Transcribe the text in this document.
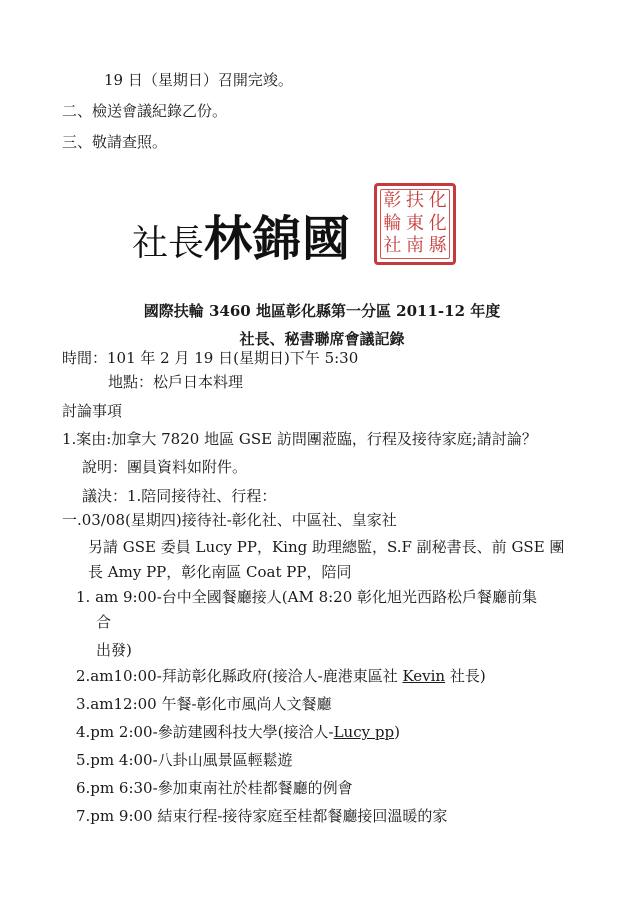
19 日（星期日）召開完竣。
二、檢送會議紀錄乙份。
三、敬請查照。
社長林錦國
彰 扶 化
輪 東 化
社 南 縣
國際扶輪 3460 地區彰化縣第一分區 2011-12 年度
社長、秘書聯席會議記錄
時間：101 年 2 月 19 日(星期日)下午 5:30
地點：松戶日本料理
討論事項
1.案由:加拿大 7820 地區 GSE 訪問團蒞臨，行程及接待家庭;請討論？
說明：團員資料如附件。
議決：1.陪同接待社、行程：
一.03/08(星期四)接待社-彰化社、中區社、皇家社
另請 GSE 委員 Lucy PP，King 助理總監，S.F 副秘書長、前 GSE 團
長 Amy PP，彰化南區 Coat PP，陪同
1. am 9:00-台中全國餐廳接人(AM 8:20 彰化旭光西路松戶餐廳前集
合
出發)
2.am10:00-拜訪彰化縣政府(接洽人-鹿港東區社 Kevin 社長)
3.am12:00 午餐-彰化市風尚人文餐廳
4.pm 2:00-參訪建國科技大學(接洽人-Lucy pp)
5.pm 4:00-八卦山風景區輕鬆遊
6.pm 6:30-參加東南社於桂都餐廳的例會
7.pm 9:00 結束行程-接待家庭至桂都餐廳接回溫暖的家
